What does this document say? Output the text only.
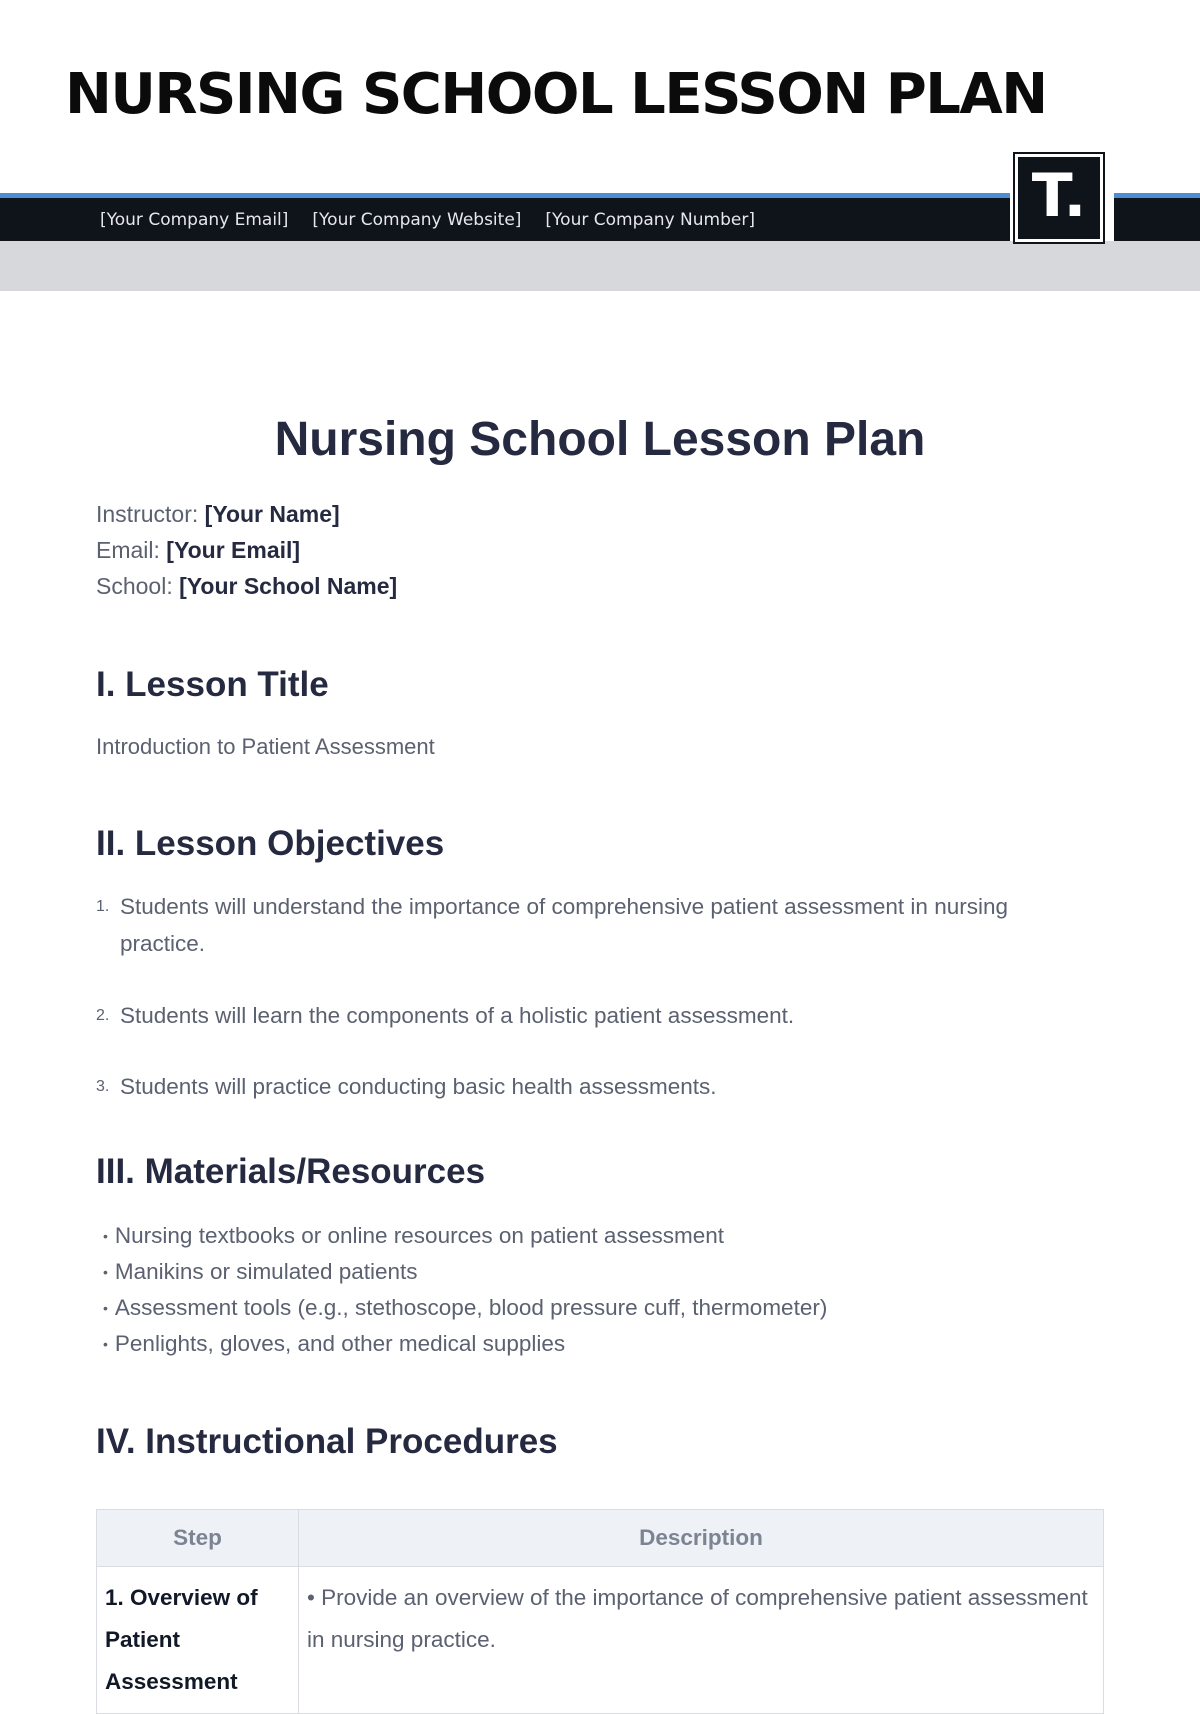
NURSING SCHOOL LESSON PLAN
[Your Company Email] [Your Company Website] [Your Company Number]	T.
Nursing School Lesson Plan
Instructor: [Your Name]
Email: [Your Email]
School: [Your School Name]
I. Lesson Title
Introduction to Patient Assessment
II. Lesson Objectives
1. Students will understand the importance of comprehensive patient assessment in nursing practice.
2. Students will learn the components of a holistic patient assessment.
3. Students will practice conducting basic health assessments.
III. Materials/Resources
• Nursing textbooks or online resources on patient assessment
• Manikins or simulated patients
• Assessment tools (e.g., stethoscope, blood pressure cuff, thermometer)
• Penlights, gloves, and other medical supplies
IV. Instructional Procedures
Step	Description
1. Overview of Patient Assessment	• Provide an overview of the importance of comprehensive patient assessment in nursing practice.
